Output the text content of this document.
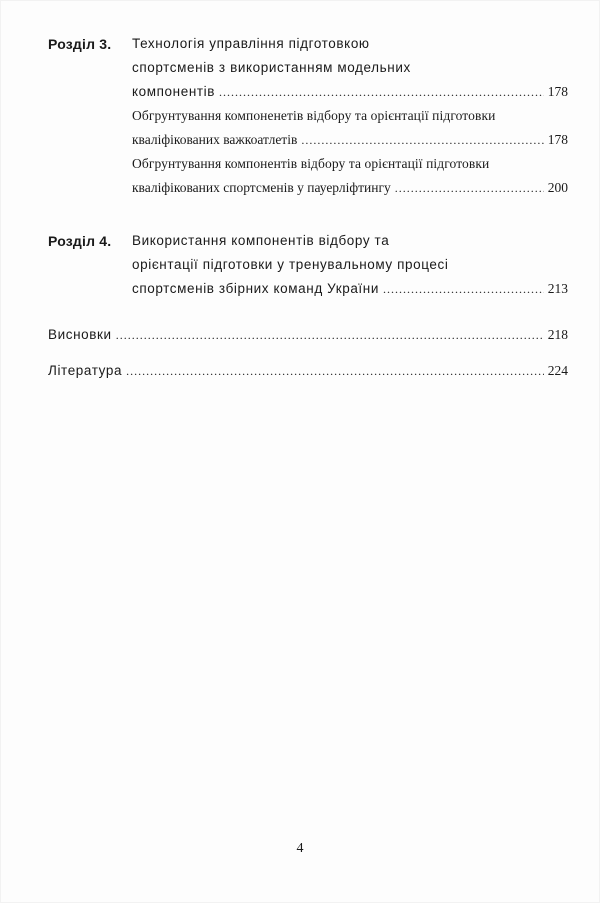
Розділ 3. Технологія управління підготовкою
спортсменів з використанням модельних
компонентів .....	178
Обгрунтування компоненетів відбору та орієнтації підготовки
кваліфікованих важкоатлетів .....	178
Обгрунтування компонентів відбору та орієнтації підготовки
кваліфікованих спортсменів у пауерліфтингу .....	200
Розділ 4. Використання компонентів відбору та
орієнтації підготовки у тренувальному процесі
спортсменів збірних команд України .....	213
Висновки .....	218
Література .....	224
4
